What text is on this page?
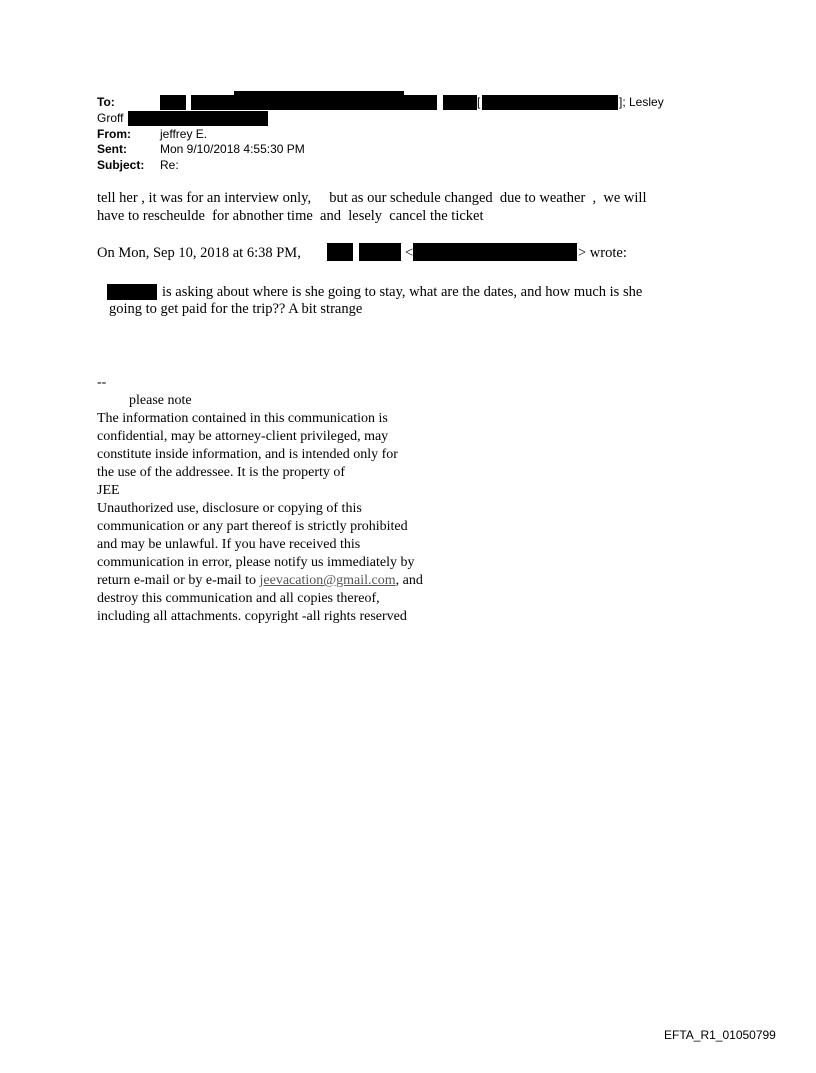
To:	[	]; Lesley
Groff
From: jeffrey E.
Sent:	Mon 9/10/2018 4:55:30 PM
Subject: Re:
tell her , it was for an interview only,     but as our schedule changed  due to weather  ,  we will
have to rescheulde  for abnother time  and  lesely  cancel the ticket
On Mon, Sep 10, 2018 at 6:38 PM,	<	> wrote:
is asking about where is she going to stay, what are the dates, and how much is she
going to get paid for the trip?? A bit strange
--
please note
The information contained in this communication is
confidential, may be attorney-client privileged, may
constitute inside information, and is intended only for
the use of the addressee. It is the property of
JEE
Unauthorized use, disclosure or copying of this
communication or any part thereof is strictly prohibited
and may be unlawful. If you have received this
communication in error, please notify us immediately by
return e-mail or by e-mail to jeevacation@gmail.com, and
destroy this communication and all copies thereof,
including all attachments. copyright -all rights reserved
EFTA_R1_01050799
